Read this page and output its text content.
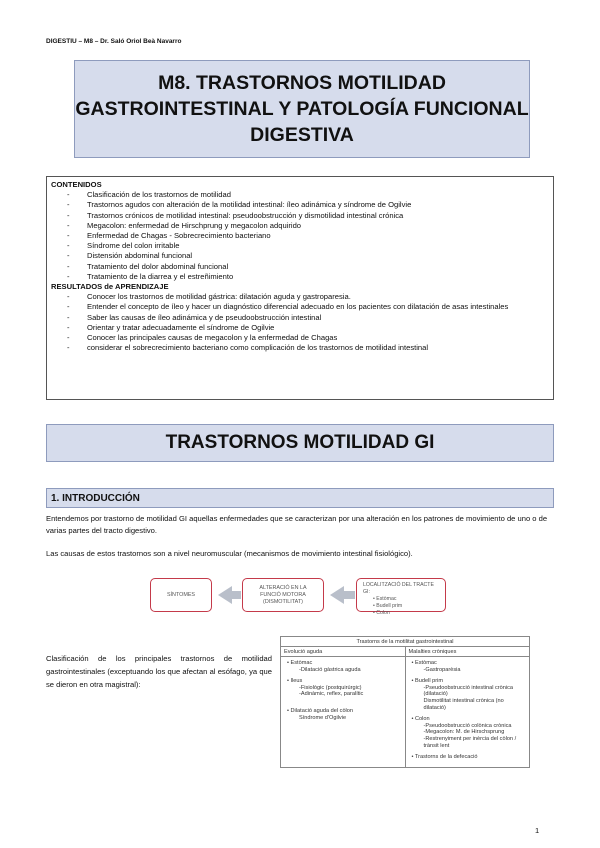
DIGESTIU – M8 – Dr. Saló Oriol Beà Navarro
M8. TRASTORNOS MOTILIDAD
GASTROINTESTINAL Y PATOLOGÍA FUNCIONAL
DIGESTIVA
CONTENIDOS
-	Clasificación de los trastornos de motilidad
-	Trastornos agudos con alteración de la motilidad intestinal: íleo adinámica y síndrome de Ogilvie
-	Trastornos crónicos de motilidad intestinal: pseudoobstrucción y dismotilidad intestinal crónica
-	Megacolon: enfermedad de Hirschprung y megacolon adquirido
-	Enfermedad de Chagas - Sobrecrecimiento bacteriano
-	Síndrome del colon irritable
-	Distensión abdominal funcional
-	Tratamiento del dolor abdominal funcional
-	Tratamiento de la diarrea y el estreñimiento
RESULTADOS de APRENDIZAJE
-	Conocer los trastornos de motilidad gástrica: dilatación aguda y gastroparesia.
-	Entender el concepto de íleo y hacer un diagnóstico diferencial adecuado en los pacientes con dilatación de asas intestinales
-	Saber las causas de íleo adinámica y de pseudoobstrucción intestinal
-	Orientar y tratar adecuadamente el síndrome de Ogilvie
-	Conocer las principales causas de megacolon y la enfermedad de Chagas
-	considerar el sobrecrecimiento bacteriano como complicación de los trastornos de motilidad intestinal
TRASTORNOS MOTILIDAD GI
1. INTRODUCCIÓN
Entendemos por trastorno de motilidad GI aquellas enfermedades que se caracterizan por una alteración en los patrones de movimiento de uno o de varias partes del tracto digestivo.
Las causas de estos trastornos son a nivel neuromuscular (mecanismos de movimiento intestinal fisiológico).
SÍNTOMES
ALTERACIÓ EN LA FUNCIÓ MOTORA (DISMOTILITAT)
LOCALITZACIÓ DEL TRACTE GI:
• Estòmac
• Budell prim
• Colon
Clasificación de los principales trastornos de motilidad gastrointestinales (exceptuando los que afectan al esófago, ya que se dieron en otra magistral):
Trastorns de la motilitat gastrointestinal
Evolució aguda	Malalties cròniques
• Estòmac
-Dilatació gàstrica aguda
• Ileus
-Fisiològic (postquirúrgic)
-Adinàmic, reflex, paralític
• Dilatació aguda del còlon
Síndrome d'Ogilvie
• Estòmac
-Gastroparèsia
• Budell prim
-Pseudoobstrucció intestinal crònica (dilatació)
Dismotilitat intestinal crònica (no dilatació)
• Colon
-Pseudoobstrucció colònica crònica
-Megacolon: M. de Hirschsprung
-Restrenyiment per inèrcia del còlon / trànsit lent
• Trastorns de la defecació
1
